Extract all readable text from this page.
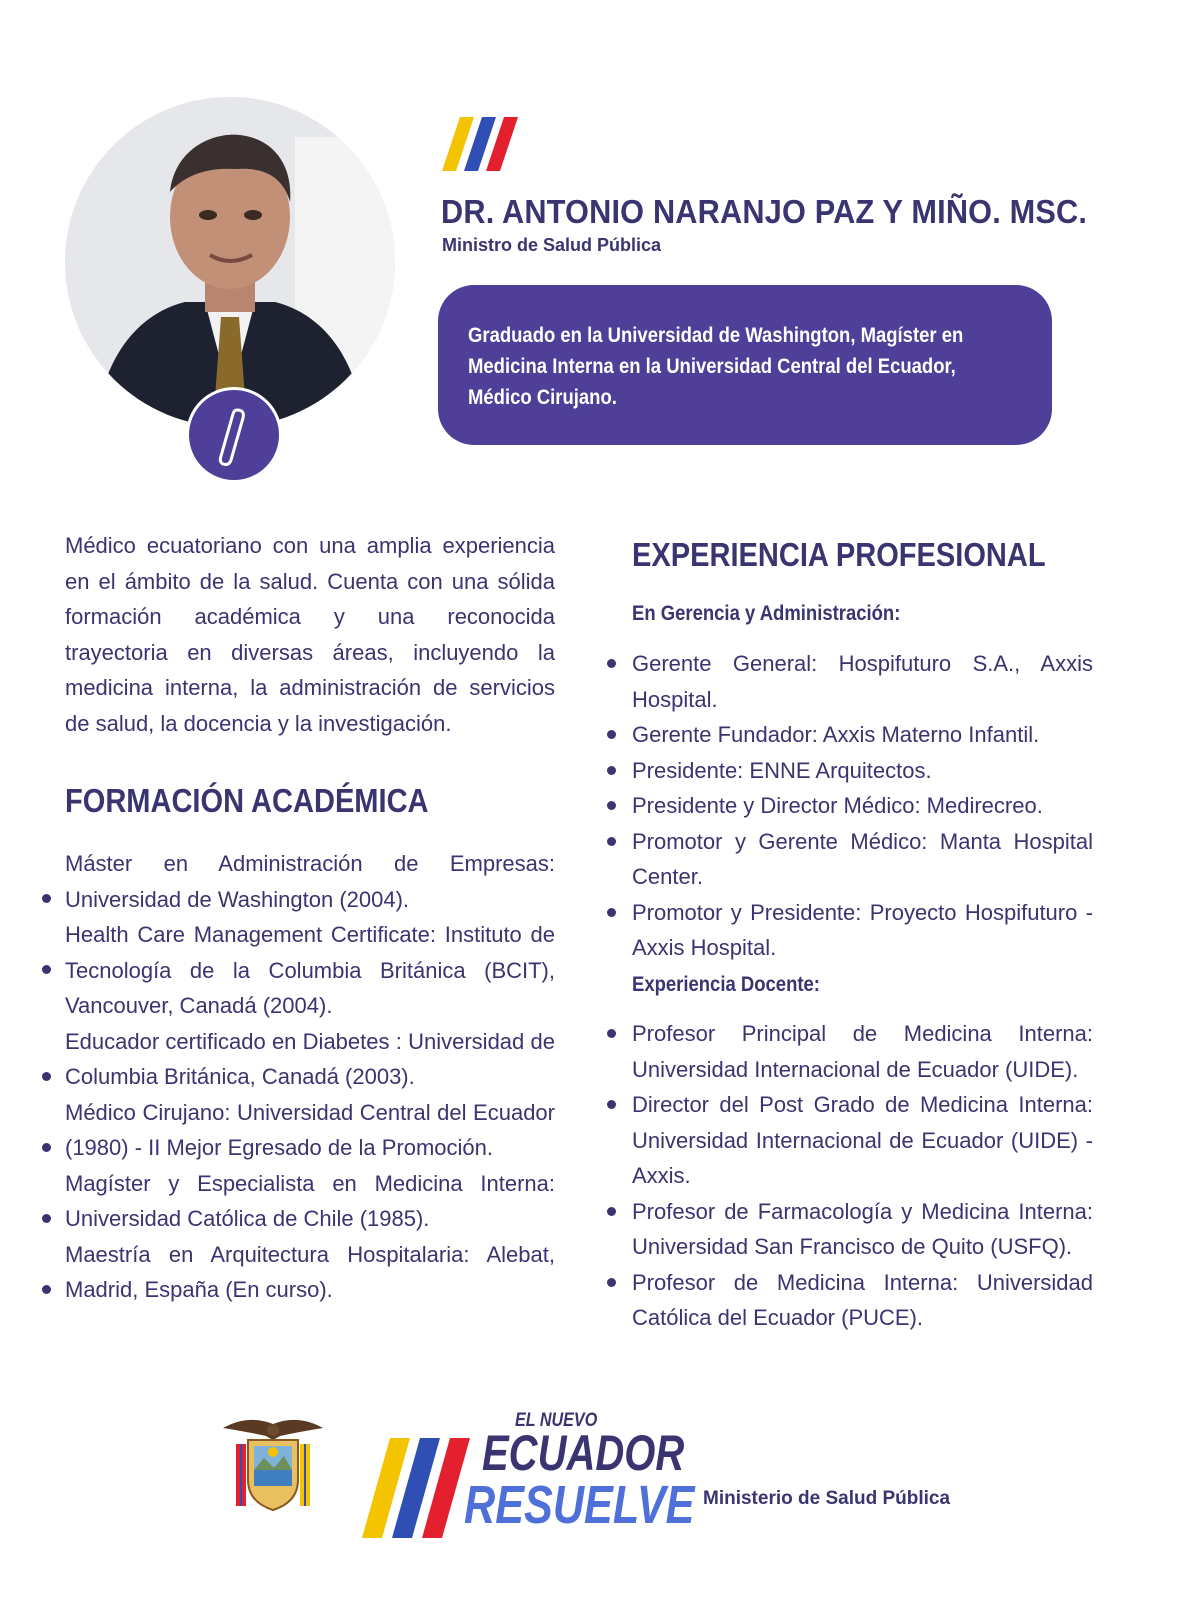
DR. ANTONIO NARANJO PAZ Y MIÑO. MSC.
Ministro de Salud Pública

Graduado en la Universidad de Washington, Magíster en Medicina Interna en la Universidad Central del Ecuador, Médico Cirujano.

Médico ecuatoriano con una amplia experiencia en el ámbito de la salud. Cuenta con una sólida formación académica y una reconocida trayectoria en diversas áreas, incluyendo la medicina interna, la administración de servicios de salud, la docencia y la investigación.
FORMACIÓN ACADÉMICA
Máster en Administración de Empresas: Universidad de Washington (2004).
Health Care Management Certificate: Instituto de Tecnología de la Columbia Británica (BCIT), Vancouver, Canadá (2004).
Educador certificado en Diabetes : Universidad de Columbia Británica, Canadá (2003).
Médico Cirujano: Universidad Central del Ecuador (1980) - II Mejor Egresado de la Promoción.
Magíster y Especialista en Medicina Interna: Universidad Católica de Chile (1985).
Maestría en Arquitectura Hospitalaria: Alebat, Madrid, España (En curso).
EXPERIENCIA PROFESIONAL
En Gerencia y Administración:
Gerente General: Hospifuturo S.A., Axxis Hospital.
Gerente Fundador: Axxis Materno Infantil.
Presidente: ENNE Arquitectos.
Presidente y Director Médico: Medirecreo.
Promotor y Gerente Médico: Manta Hospital Center.
Promotor y Presidente: Proyecto Hospifuturo - Axxis Hospital.
Experiencia Docente:
Profesor Principal de Medicina Interna: Universidad Internacional de Ecuador (UIDE).
Director del Post Grado de Medicina Interna: Universidad Internacional de Ecuador (UIDE) - Axxis.
Profesor de Farmacología y Medicina Interna: Universidad San Francisco de Quito (USFQ).
Profesor de Medicina Interna: Universidad Católica del Ecuador (PUCE).
EL NUEVO
ECUADOR
RESUELVE Ministerio de Salud Pública
